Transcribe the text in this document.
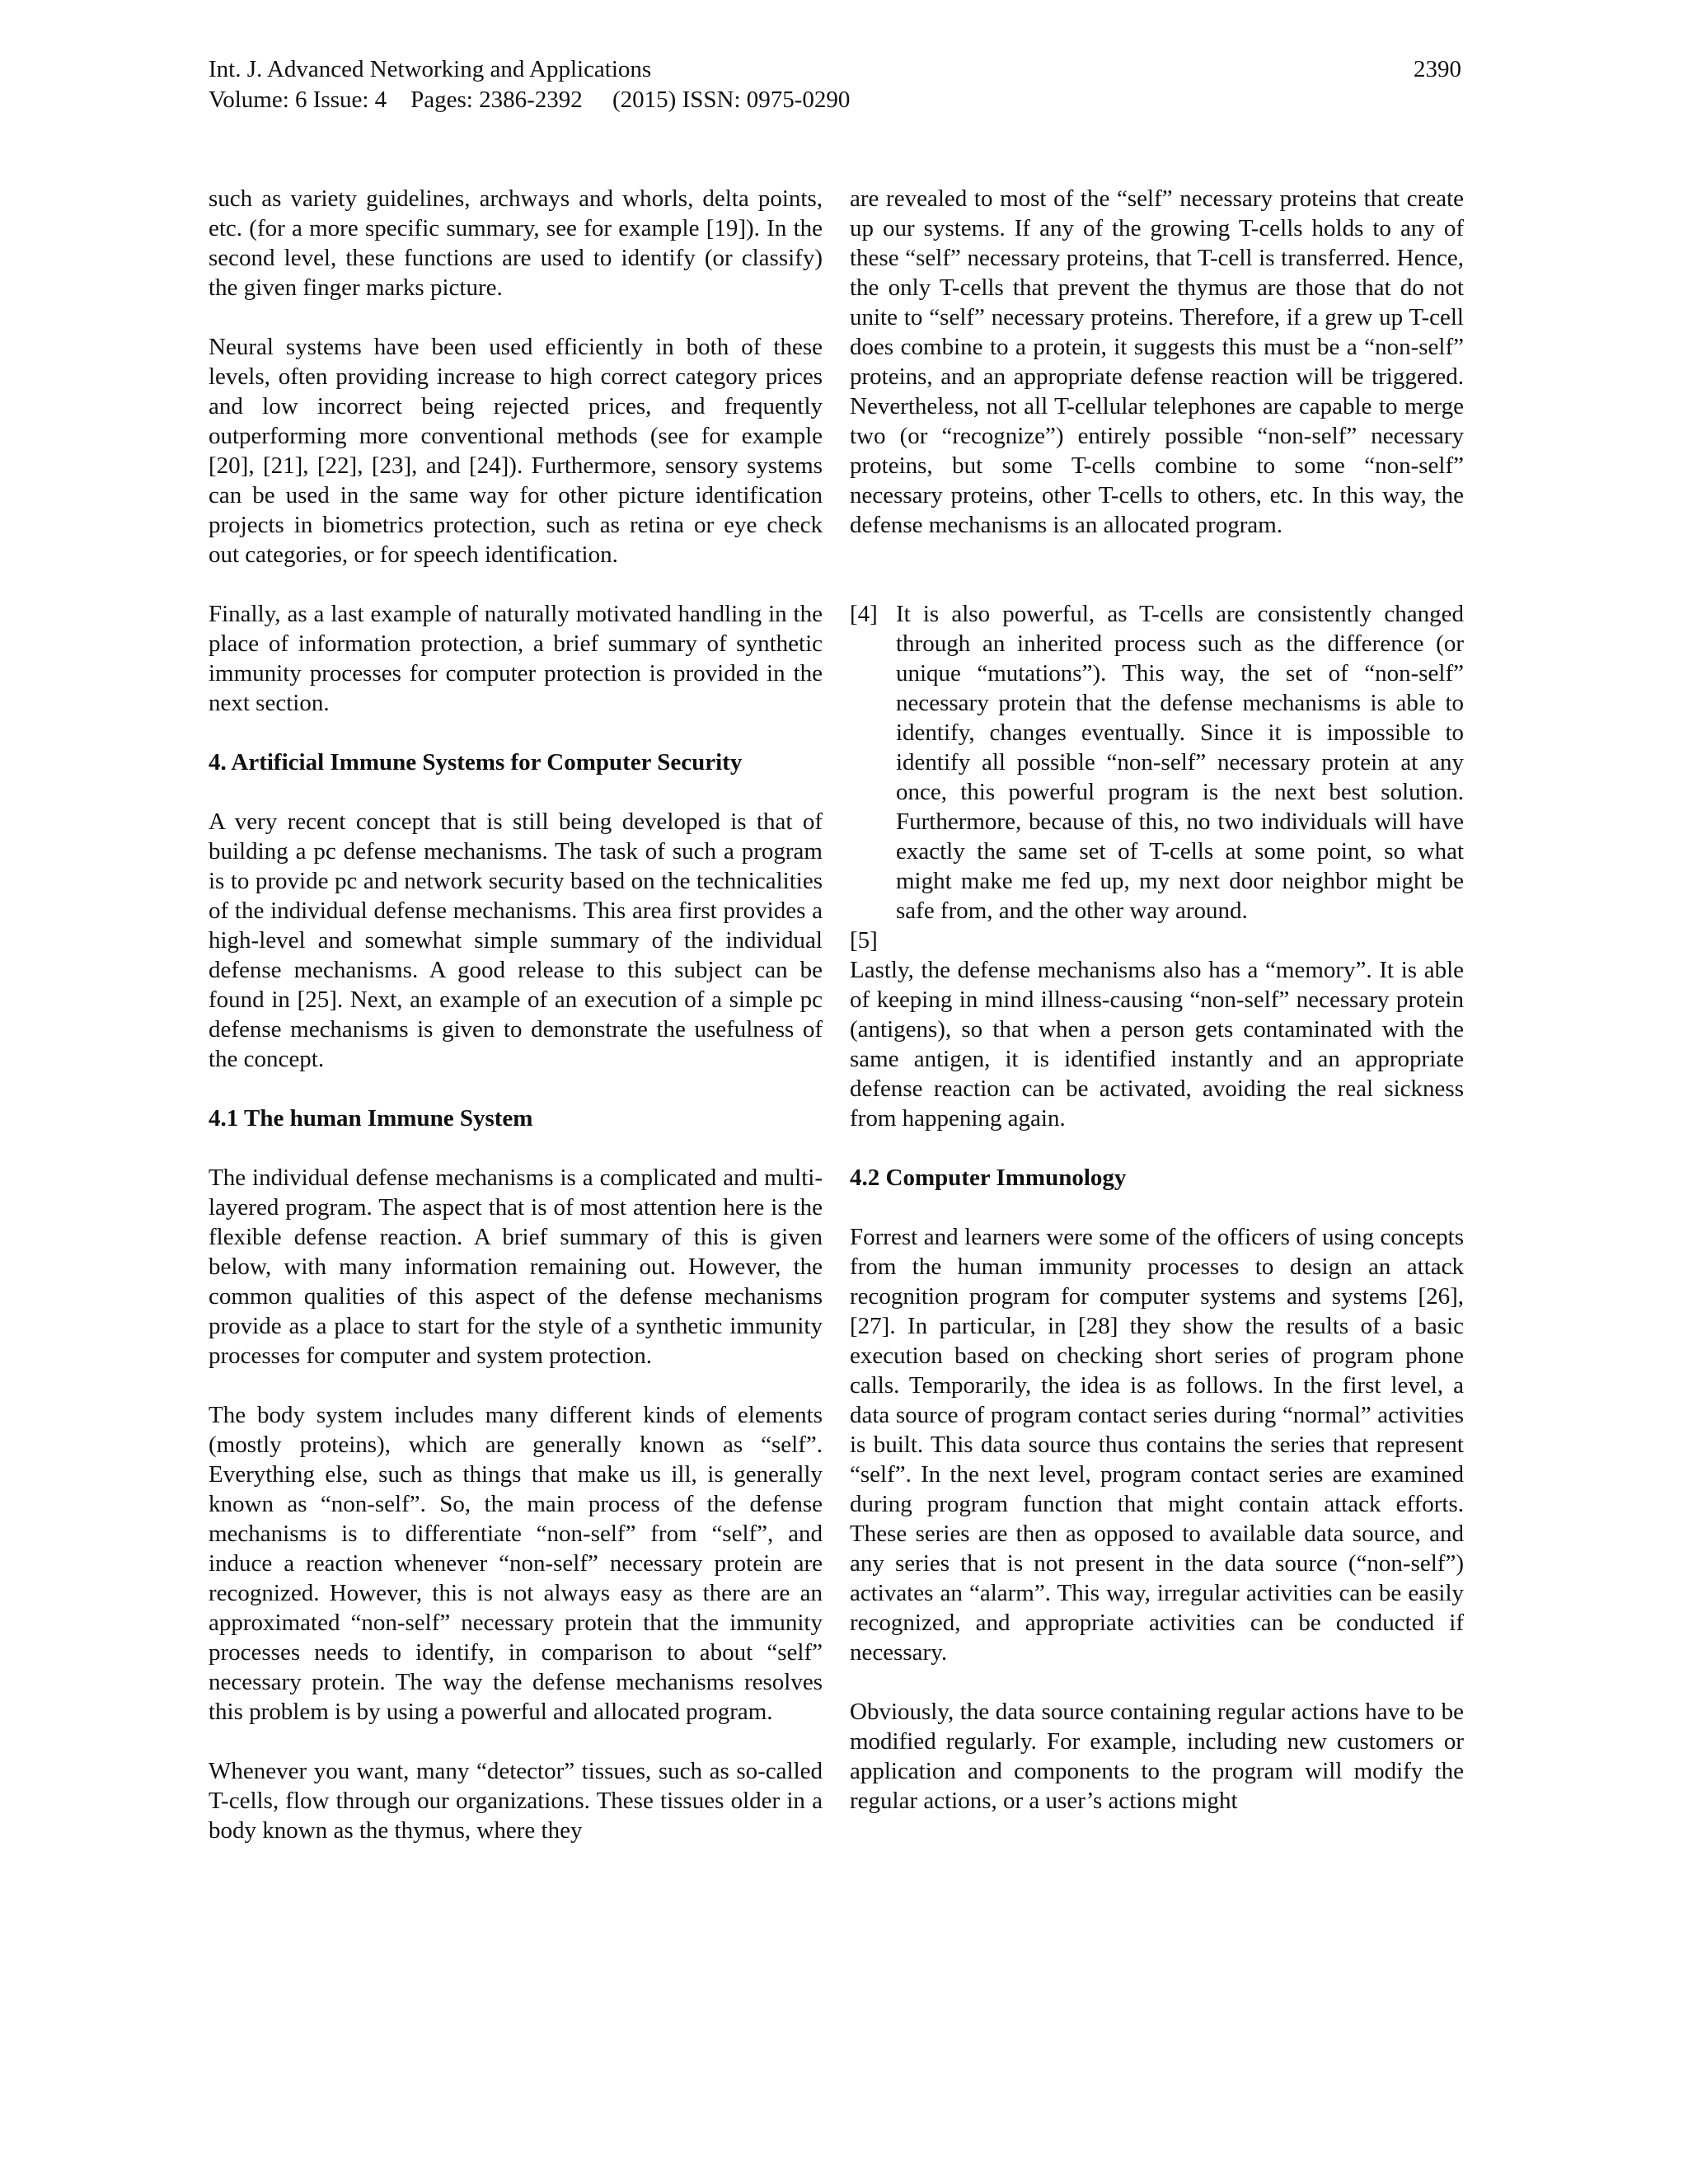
Int. J. Advanced Networking and Applications
Volume: 6 Issue: 4    Pages: 2386-2392     (2015) ISSN: 0975-0290
2390

such as variety guidelines, archways and whorls, delta points, etc. (for a more specific summary, see for example [19]). In the second level, these functions are used to identify (or classify) the given finger marks picture.

Neural systems have been used efficiently in both of these levels, often providing increase to high correct category prices and low incorrect being rejected prices, and frequently outperforming more conventional methods (see for example [20], [21], [22], [23], and [24]). Furthermore, sensory systems can be used in the same way for other picture identification projects in biometrics protection, such as retina or eye check out categories, or for speech identification.

Finally, as a last example of naturally motivated handling in the place of information protection, a brief summary of synthetic immunity processes for computer protection is provided in the next section.

4. Artificial Immune Systems for Computer Security

A very recent concept that is still being developed is that of building a pc defense mechanisms. The task of such a program is to provide pc and network security based on the technicalities of the individual defense mechanisms. This area first provides a high-level and somewhat simple summary of the individual defense mechanisms. A good release to this subject can be found in [25]. Next, an example of an execution of a simple pc defense mechanisms is given to demonstrate the usefulness of the concept.

4.1 The human Immune System

The individual defense mechanisms is a complicated and multi-layered program. The aspect that is of most attention here is the flexible defense reaction. A brief summary of this is given below, with many information remaining out. However, the common qualities of this aspect of the defense mechanisms provide as a place to start for the style of a synthetic immunity processes for computer and system protection.

The body system includes many different kinds of elements (mostly proteins), which are generally known as “self”. Everything else, such as things that make us ill, is generally known as “non-self”. So, the main process of the defense mechanisms is to differentiate “non-self” from “self”, and induce a reaction whenever “non-self” necessary protein are recognized. However, this is not always easy as there are an approximated “non-self” necessary protein that the immunity processes needs to identify, in comparison to about “self” necessary protein. The way the defense mechanisms resolves this problem is by using a powerful and allocated program.

Whenever you want, many “detector” tissues, such as so-called T-cells, flow through our organizations. These tissues older in a body known as the thymus, where they

are revealed to most of the “self” necessary proteins that create up our systems. If any of the growing T-cells holds to any of these “self” necessary proteins, that T-cell is transferred. Hence, the only T-cells that prevent the thymus are those that do not unite to “self” necessary proteins. Therefore, if a grew up T-cell does combine to a protein, it suggests this must be a “non-self” proteins, and an appropriate defense reaction will be triggered. Nevertheless, not all T-cellular telephones are capable to merge two (or “recognize”) entirely possible “non-self” necessary proteins, but some T-cells combine to some “non-self” necessary proteins, other T-cells to others, etc. In this way, the defense mechanisms is an allocated program.

[4] It is also powerful, as T-cells are consistently changed through an inherited process such as the difference (or unique “mutations”). This way, the set of “non-self” necessary protein that the defense mechanisms is able to identify, changes eventually. Since it is impossible to identify all possible “non-self” necessary protein at any once, this powerful program is the next best solution. Furthermore, because of this, no two individuals will have exactly the same set of T-cells at some point, so what might make me fed up, my next door neighbor might be safe from, and the other way around.
[5]

Lastly, the defense mechanisms also has a “memory”. It is able of keeping in mind illness-causing “non-self” necessary protein (antigens), so that when a person gets contaminated with the same antigen, it is identified instantly and an appropriate defense reaction can be activated, avoiding the real sickness from happening again.

4.2 Computer Immunology

Forrest and learners were some of the officers of using concepts from the human immunity processes to design an attack recognition program for computer systems and systems [26], [27]. In particular, in [28] they show the results of a basic execution based on checking short series of program phone calls. Temporarily, the idea is as follows. In the first level, a data source of program contact series during “normal” activities is built. This data source thus contains the series that represent “self”. In the next level, program contact series are examined during program function that might contain attack efforts. These series are then as opposed to available data source, and any series that is not present in the data source (“non-self”) activates an “alarm”. This way, irregular activities can be easily recognized, and appropriate activities can be conducted if necessary.

Obviously, the data source containing regular actions have to be modified regularly. For example, including new customers or application and components to the program will modify the regular actions, or a user’s actions might
